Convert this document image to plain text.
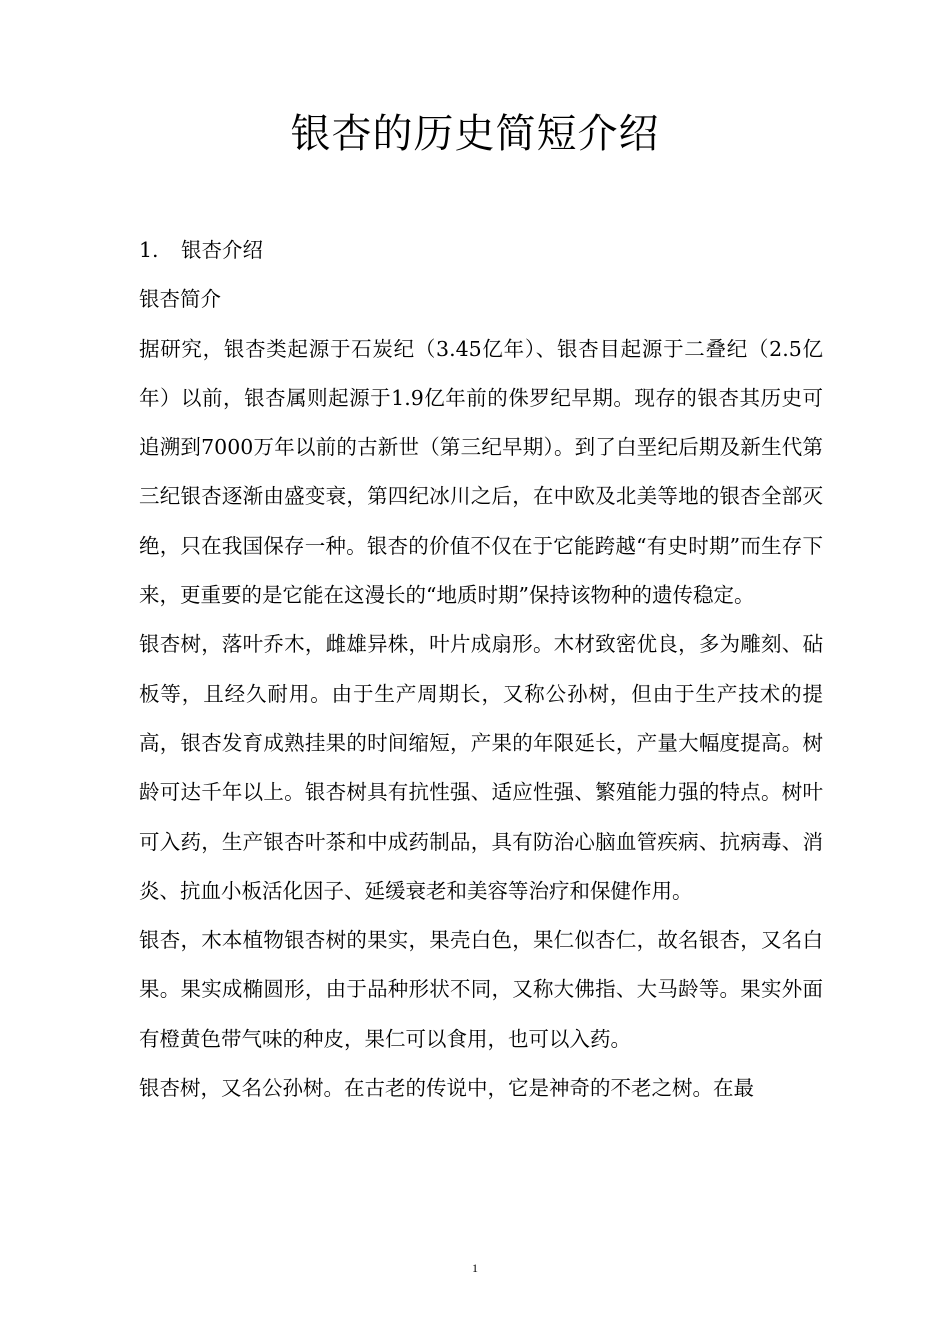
银杏的历史简短介绍

1. 银杏介绍

银杏简介

据研究，银杏类起源于石炭纪（3.45亿年）、银杏目起源于二叠纪（2.5亿年）以前，银杏属则起源于1.9亿年前的侏罗纪早期。现存的银杏其历史可追溯到7000万年以前的古新世（第三纪早期）。到了白垩纪后期及新生代第三纪银杏逐渐由盛变衰，第四纪冰川之后，在中欧及北美等地的银杏全部灭绝，只在我国保存一种。银杏的价值不仅在于它能跨越“有史时期”而生存下来，更重要的是它能在这漫长的“地质时期”保持该物种的遗传稳定。

银杏树，落叶乔木，雌雄异株，叶片成扇形。木材致密优良，多为雕刻、砧板等，且经久耐用。由于生产周期长，又称公孙树，但由于生产技术的提高，银杏发育成熟挂果的时间缩短，产果的年限延长，产量大幅度提高。树龄可达千年以上。银杏树具有抗性强、适应性强、繁殖能力强的特点。树叶可入药，生产银杏叶茶和中成药制品，具有防治心脑血管疾病、抗病毒、消炎、抗血小板活化因子、延缓衰老和美容等治疗和保健作用。

银杏，木本植物银杏树的果实，果壳白色，果仁似杏仁，故名银杏，又名白果。果实成椭圆形，由于品种形状不同，又称大佛指、大马龄等。果实外面有橙黄色带气味的种皮，果仁可以食用，也可以入药。

银杏树，又名公孙树。在古老的传说中，它是神奇的不老之树。在最

1
